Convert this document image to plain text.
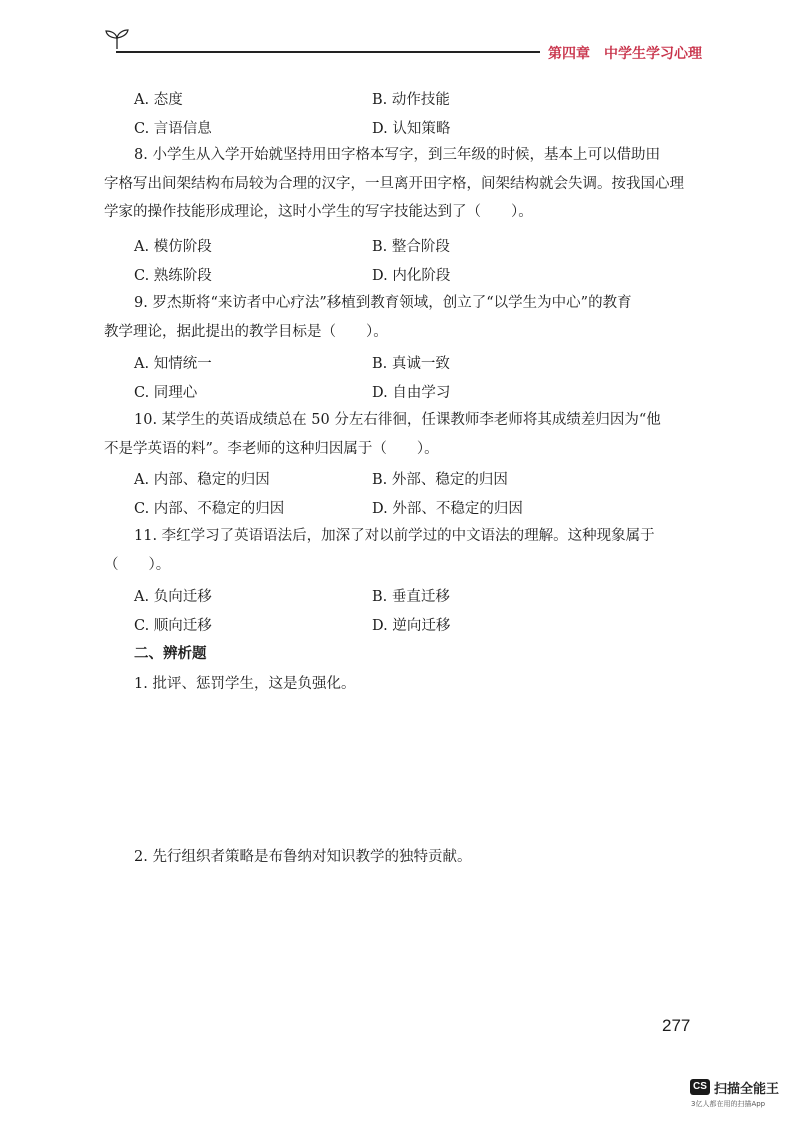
第四章 中学生学习心理
A. 态度	B. 动作技能
C. 言语信息	D. 认知策略
8. 小学生从入学开始就坚持用田字格本写字，到三年级的时候，基本上可以借助田
字格写出间架结构布局较为合理的汉字，一旦离开田字格，间架结构就会失调。按我国心理学家的操作技能形成理论，这时小学生的写字技能达到了（ ）。
A. 模仿阶段	B. 整合阶段
C. 熟练阶段	D. 内化阶段
9. 罗杰斯将“来访者中心疗法”移植到教育领域，创立了“以学生为中心”的教育
教学理论，据此提出的教学目标是（ ）。
A. 知情统一	B. 真诚一致
C. 同理心	D. 自由学习
10. 某学生的英语成绩总在 50 分左右徘徊，任课教师李老师将其成绩差归因为“他
不是学英语的料”。李老师的这种归因属于（ ）。
A. 内部、稳定的归因	B. 外部、稳定的归因
C. 内部、不稳定的归因	D. 外部、不稳定的归因
11. 李红学习了英语语法后，加深了对以前学过的中文语法的理解。这种现象属于
（ ）。
A. 负向迁移	B. 垂直迁移
C. 顺向迁移	D. 逆向迁移
二、辨析题
1. 批评、惩罚学生，这是负强化。
2. 先行组织者策略是布鲁纳对知识教学的独特贡献。
277
CS 扫描全能王
3亿人都在用的扫描App
